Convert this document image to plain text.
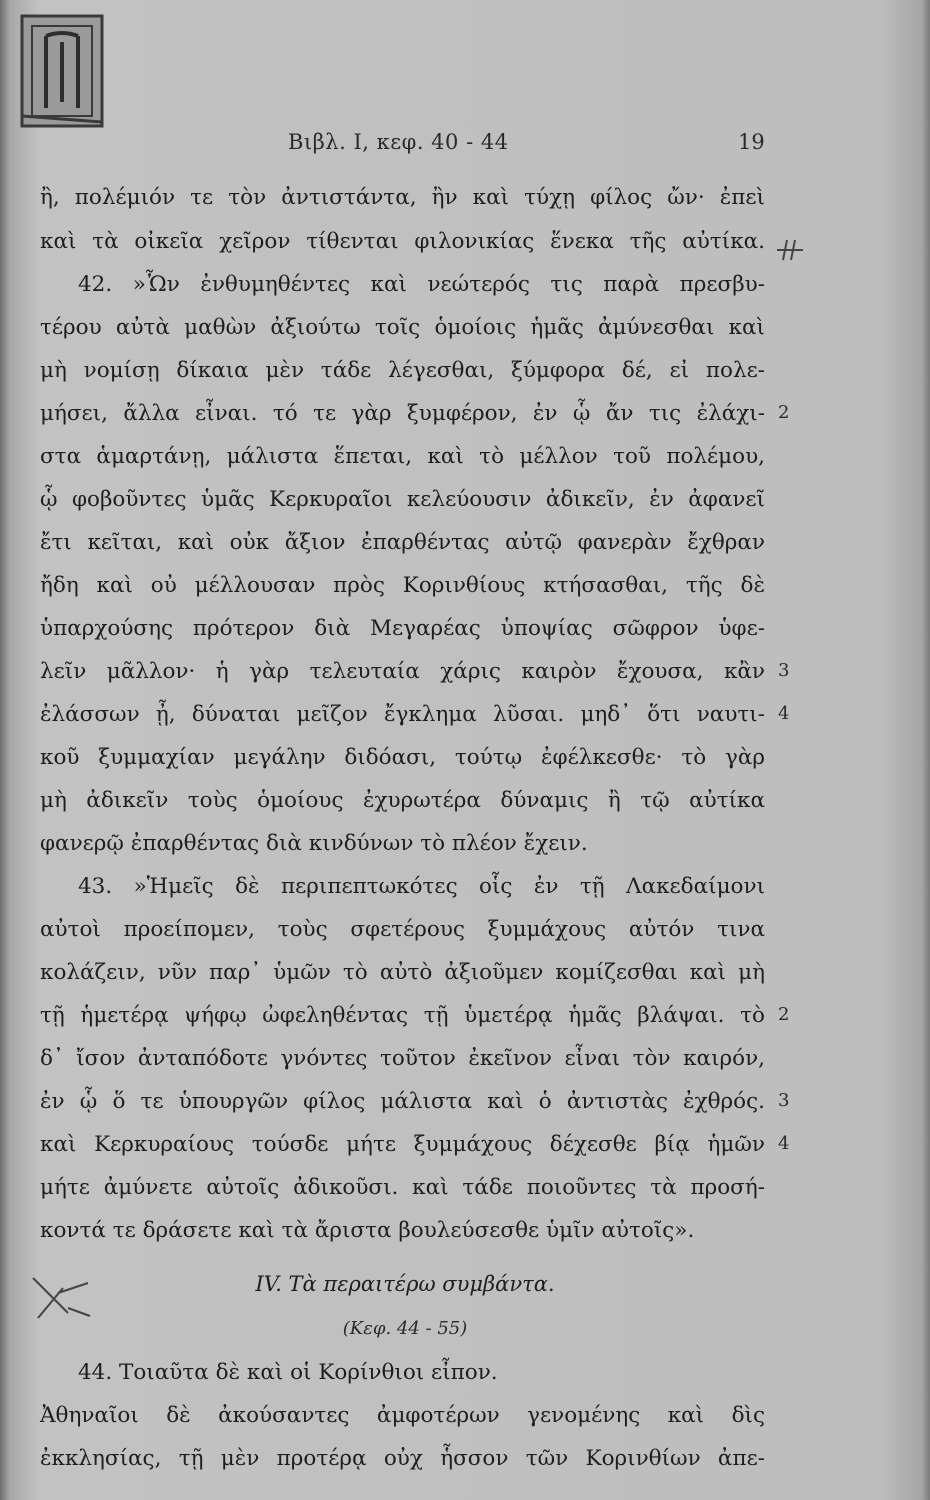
Βιβλ. Ι, κεφ. 40 - 44	19
ἢ, πολέμιόν τε τὸν ἀντιστάντα, ἢν καὶ τύχῃ φίλος ὤν· ἐπεὶ
καὶ τὰ οἰκεῖα χεῖρον τίθενται φιλονικίας ἕνεκα τῆς αὐτίκα.
42. »Ὧν ἐνθυμηθέντες καὶ νεώτερός τις παρὰ πρεσβυ-
τέρου αὐτὰ μαθὼν ἀξιούτω τοῖς ὁμοίοις ἡμᾶς ἀμύνεσθαι καὶ
μὴ νομίσῃ δίκαια μὲν τάδε λέγεσθαι, ξύμφορα δέ, εἰ πολε-
μήσει, ἄλλα εἶναι. τό τε γὰρ ξυμφέρον, ἐν ᾧ ἄν τις ἐλάχι-
στα ἁμαρτάνῃ, μάλιστα ἕπεται, καὶ τὸ μέλλον τοῦ πολέμου,
ᾧ φοβοῦντες ὑμᾶς Κερκυραῖοι κελεύουσιν ἀδικεῖν, ἐν ἀφανεῖ
ἔτι κεῖται, καὶ οὐκ ἄξιον ἐπαρθέντας αὐτῷ φανερὰν ἔχθραν
ἤδη καὶ οὐ μέλλουσαν πρὸς Κορινθίους κτήσασθαι, τῆς δὲ
ὑπαρχούσης πρότερον διὰ Μεγαρέας ὑποψίας σῶφρον ὑφε-
λεῖν μᾶλλον· ἡ γὰρ τελευταία χάρις καιρὸν ἔχουσα, κἂν
ἐλάσσων ᾖ, δύναται μεῖζον ἔγκλημα λῦσαι. μηδ᾽ ὅτι ναυτι-
κοῦ ξυμμαχίαν μεγάλην διδόασι, τούτῳ ἐφέλκεσθε· τὸ γὰρ
μὴ ἀδικεῖν τοὺς ὁμοίους ἐχυρωτέρα δύναμις ἢ τῷ αὐτίκα
φανερῷ ἐπαρθέντας διὰ κινδύνων τὸ πλέον ἔχειν.
43. »Ἡμεῖς δὲ περιπεπτωκότες οἷς ἐν τῇ Λακεδαίμονι
αὐτοὶ προείπομεν, τοὺς σφετέρους ξυμμάχους αὐτόν τινα
κολάζειν, νῦν παρ᾽ ὑμῶν τὸ αὐτὸ ἀξιοῦμεν κομίζεσθαι καὶ μὴ
τῇ ἡμετέρᾳ ψήφῳ ὠφεληθέντας τῇ ὑμετέρᾳ ἡμᾶς βλάψαι. τὸ
δ᾽ ἴσον ἀνταπόδοτε γνόντες τοῦτον ἐκεῖνον εἶναι τὸν καιρόν,
ἐν ᾧ ὅ τε ὑπουργῶν φίλος μάλιστα καὶ ὁ ἀντιστὰς ἐχθρός.
καὶ Κερκυραίους τούσδε μήτε ξυμμάχους δέχεσθε βίᾳ ἡμῶν
μήτε ἀμύνετε αὐτοῖς ἀδικοῦσι. καὶ τάδε ποιοῦντες τὰ προσή-
κοντά τε δράσετε καὶ τὰ ἄριστα βουλεύσεσθε ὑμῖν αὐτοῖς».
IV. Τὰ περαιτέρω συμβάντα.
(Κεφ. 44 - 55)
44. Τοιαῦτα δὲ καὶ οἱ Κορίνθιοι εἶπον.
Ἀθηναῖοι δὲ ἀκούσαντες ἀμφοτέρων γενομένης καὶ δὶς
ἐκκλησίας, τῇ μὲν προτέρᾳ οὐχ ἧσσον τῶν Κορινθίων ἀπε-
2
3
4
2
3
4
